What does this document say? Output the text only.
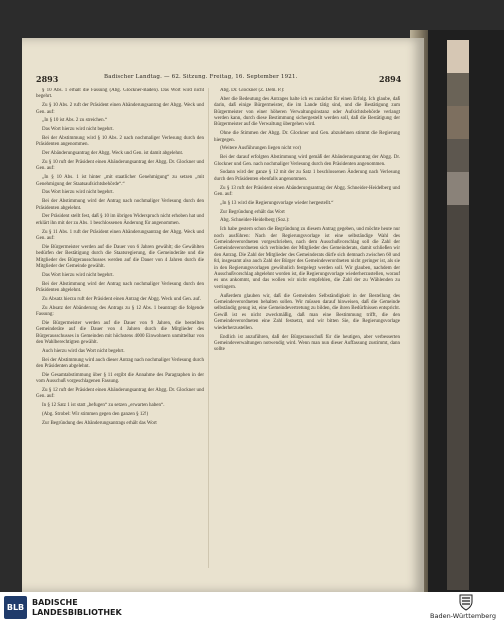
2893	Badischer Landtag. — 62. Sitzung. Freitag, 16. September 1921.	2894

§ 10 Abs. 1 erhält die Fassung (Abg. Glockner-Baden). Das Wort wird nicht begehrt.

Zu § 10 Abs. 2 ruft der Präsident einen Abänderungsantrag der Abgg. Weck und Gen. auf:

„In § 10 ist Abs. 2 zu streichen.“

Das Wort hierzu wird nicht begehrt.

Bei der Abstimmung wird § 10 Abs. 2 nach nochmaliger Verlesung durch den Präsidenten angenommen.

Der Abänderungsantrag der Abgg. Weck und Gen. ist damit abgelehnt.

Zu § 10 ruft der Präsident einen Abänderungsantrag der Abgg. Dr. Glockner und Gen. auf:

„In § 10 Abs. 1 ist hinter „mit staatlicher Genehmigung“ zu setzen „mit Genehmigung der Staatsaufsichtsbehörde“.“

Das Wort hierzu wird nicht begehrt.

Bei der Abstimmung wird der Antrag nach nochmaliger Verlesung durch den Präsidenten abgelehnt.

Der Präsident stellt fest, daß § 10 im übrigen Widerspruch nicht erhoben hat und erklärt ihn mit der zu Abs. 1 beschlossenen Änderung für angenommen.

Zu § 11 Abs. 1 ruft der Präsident einen Abänderungsantrag der Abgg. Weck und Gen. auf:

Die Bürgermeister werden auf die Dauer von 6 Jahren gewählt; die Gewählten bedürfen der Bestätigung durch die Staatsregierung, die Gemeinderäte und die Mitglieder des Bürgerausschusses werden auf die Dauer von 4 Jahren durch die Mitglieder der Gemeinde gewählt.

Das Wort hierzu wird nicht begehrt.

Bei der Abstimmung wird der Antrag nach nochmaliger Verlesung durch den Präsidenten abgelehnt.

Zu Absatz hierzu ruft der Präsident einen Antrag der Abgg. Weck und Gen. auf.

Zu Absatz der Abänderung des Antrags zu § 12 Abs. 1 beantragt die folgende Fassung:

Die Bürgermeister werden auf die Dauer von 9 Jahren, die bestellten Gemeinderäte auf die Dauer von 4 Jahren durch die Mitglieder des Bürgerausschusses in Gemeinden mit höchstens 4000 Einwohnern unmittelbar von den Wahlberechtigten gewählt.

Auch hierzu wird das Wort nicht begehrt.

Bei der Abstimmung wird auch dieser Antrag nach nochmaliger Verlesung durch den Präsidenten abgelehnt.

Die Gesamtabstimmung über § 11 ergibt die Annahme des Paragraphen in der vom Ausschuß vorgeschlagenen Fassung.

Zu § 12 ruft der Präsident einen Abänderungsantrag der Abgg. Dr. Glockner und Gen. auf:

In § 12 Satz 1 ist statt „befugen“ zu setzen „erwarten haben“.

(Abg. Strobel: Wir stimmen gegen den ganzen § 12!)

Zur Begründung des Abänderungsantrags erhält das Wort

Abg. Dr. Glockner (Z. Dem. P.):

Aber die Bedeutung des Antrages halte ich es zunächst für einen Erfolg. Ich glaube, daß darin, daß einige Bürgermeister, die im Lande tätig sind, und die Bestätigung zum Bürgermeister von einer höheren Verwaltungsinstanz oder Aufsichtsbehörde verlangt werden kann, durch diese Bestimmung sichergestellt werden soll, daß die Bestätigung der Bürgermeister auf die Verwaltung übergehen wird.

Ohne die Stimmen der Abgg. Dr. Glockner und Gen. abzulehnen stimmt die Regierung hiergegen.

(Weitere Ausführungen liegen nicht vor)

Bei der darauf erfolgten Abstimmung wird gemäß der Abänderungsantrag der Abgg. Dr. Glockner und Gen. nach nochmaliger Verlesung durch den Präsidenten angenommen.

Sodann wird der ganze § 12 mit der zu Satz 1 beschlossenen Änderung nach Verlesung durch den Präsidenten ebenfalls angenommen.

Zu § 13 ruft der Präsident einen Abänderungsantrag der Abgg. Schneider-Heidelberg und Gen. auf:

„In § 13 wird die Regierungsvorlage wieder hergestellt.“

Zur Begründung erhält das Wort

Abg. Schneider-Heidelberg (Soz.):

Ich habe gestern schon die Begründung zu diesem Antrag gegeben, und möchte heute nur noch ausführen: Nach der Regierungsvorlage ist eine selbständige Wahl des Gemeindeverordneten vorgeschrieben, nach dem Ausschußvorschlag soll die Zahl der Gemeindeverordneten sich verbinden der Mitglieder des Gemeinderats, damit schließen wir den Antrag. Die Zahl der Mitglieder des Gemeinderats dürfe sich demnach zwischen 60 und 84, insgesamt also auch Zahl der Bürger des Gemeindeverordneten nicht geringer ist, als sie in den Regierungsvorlagen gewöhnlich festgelegt werden soll. Wir glauben, nachdem der Ausschußvorschlag abgelehnt worden ist, die Regierungsvorlage wiederherzustellen, worauf es uns ankommt, und das wollen wir nicht empfehlen, die Zahl der zu Wählenden zu verringern.

Außerdem glauben wir, daß die Gemeinden Selbständigkeit in der Bestellung des Gemeindeverordneten behalten sollen. Wir müssen darauf hinweisen, daß die Gemeinde selbständig genug ist, eine Gemeindevertretung zu bilden, die ihren Bedürfnissen entspricht. Gewiß ist es nicht zweckmäßig, daß man eine Bestimmung trifft, die den Gemeindeverordneten eine Zahl festsetzt, und wir bitten Sie, die Regierungsvorlage wiederherzustellen.

Endlich ist anzuführen, daß der Bürgerausschuß für die heutigen, aber verbesserten Gemeindeverwaltungen notwendig wird. Wenn man nun dieser Auffassung zustimmt, dann sollte

BLB
BADISCHE
LANDESBIBLIOTHEK	Baden-Württemberg
